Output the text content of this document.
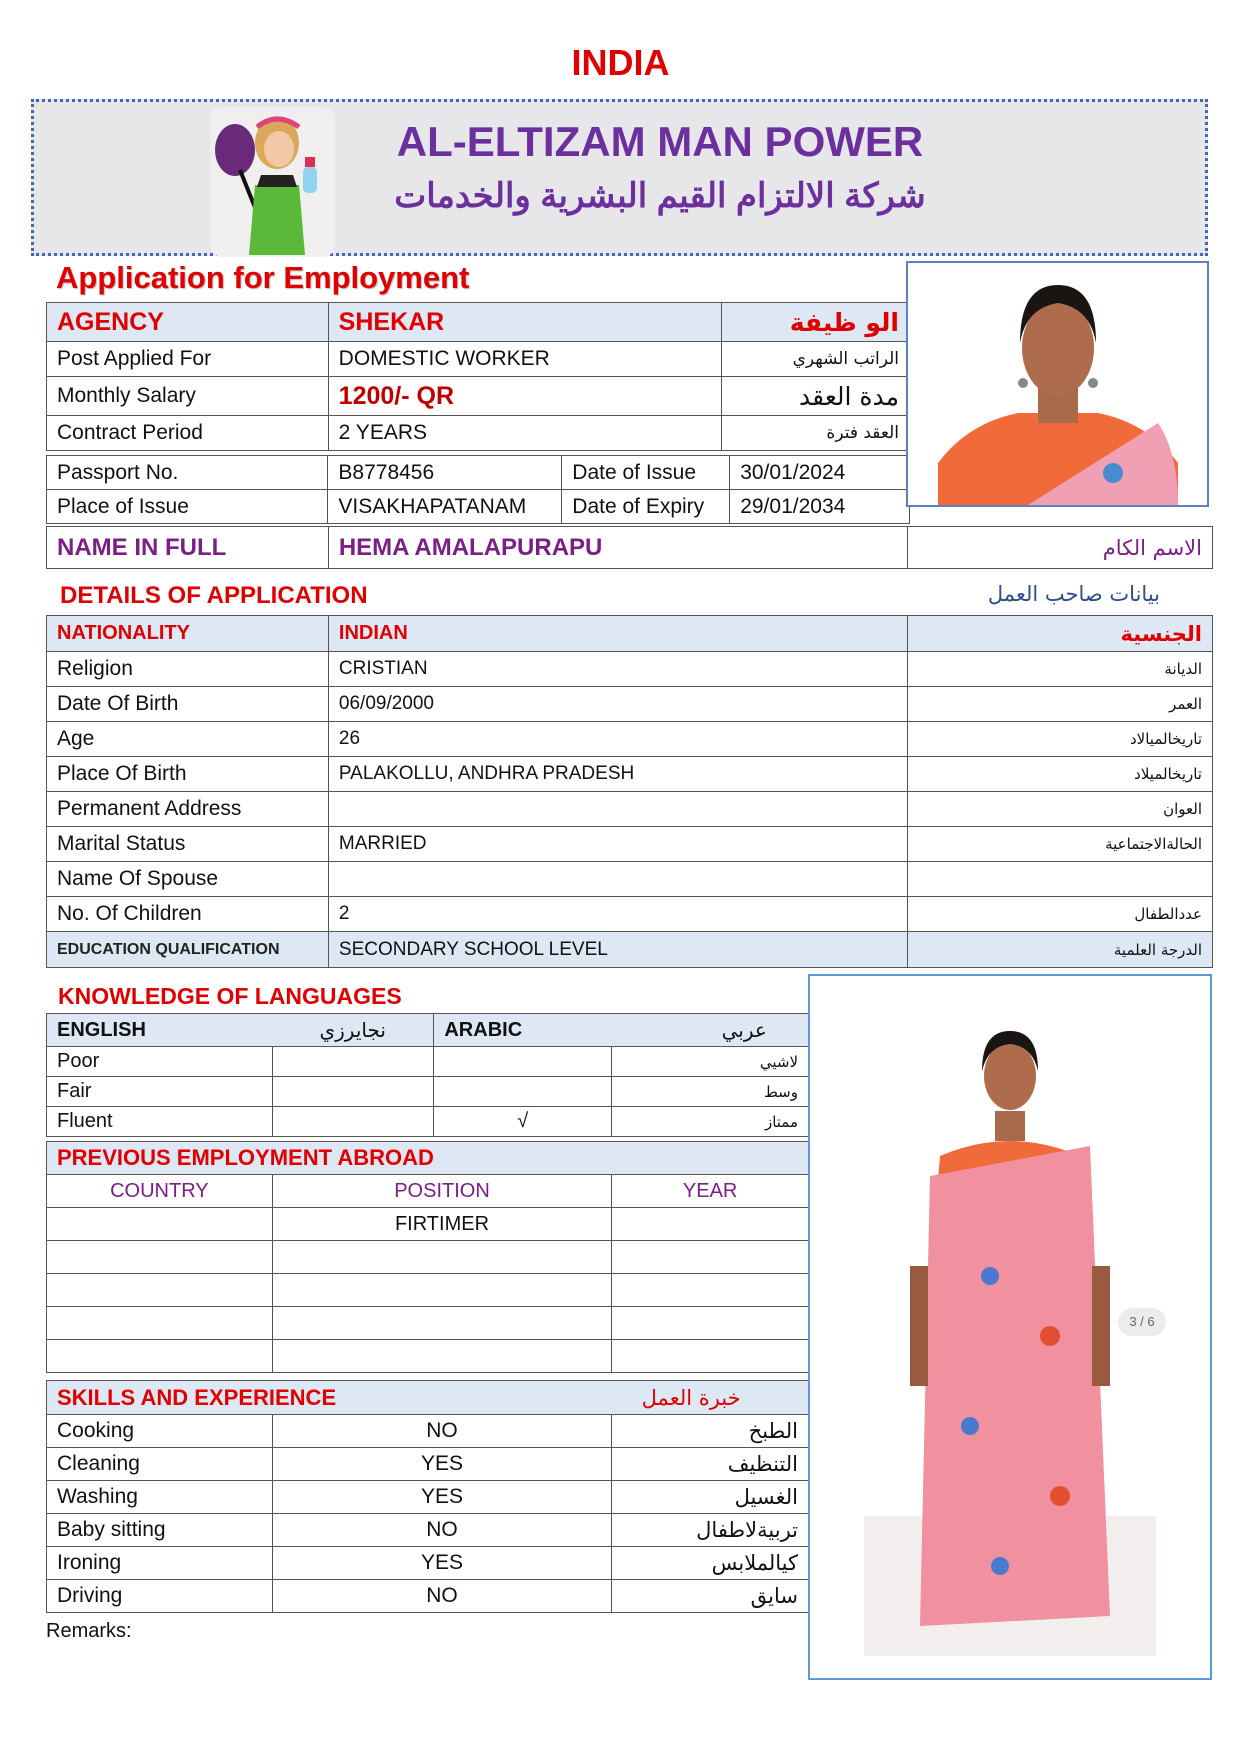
INDIA
AL-ELTIZAM MAN POWER
شركة الالتزام القيم البشرية والخدمات
Application for Employment
AGENCY	SHEKAR	الو ظيفة
Post Applied For	DOMESTIC WORKER	الراتب الشهري
Monthly Salary	1200/- QR	مدة العقد
Contract Period	2 YEARS	العقد فترة
Passport No.	B8778456	Date of Issue	30/01/2024
Place of Issue	VISAKHAPATANAM	Date of Expiry	29/01/2034
NAME IN FULL	HEMA AMALAPURAPU	الاسم الكام
DETAILS OF APPLICATION	بيانات صاحب العمل
NATIONALITY	INDIAN	الجنسية
Religion	CRISTIAN	الديانة
Date Of Birth	06/09/2000	العمر
Age	26	تاريخالميالاد
Place Of Birth	PALAKOLLU, ANDHRA PRADESH	تاريخالميلاد
Permanent Address		العوان
Marital Status	MARRIED	الحالةالاجتماعية
Name Of Spouse		
No. Of Children	2	عددالطفال
EDUCATION QUALIFICATION	SECONDARY SCHOOL LEVEL	الدرجة العلمية
KNOWLEDGE OF LANGUAGES
ENGLISH	نجايرزي	ARABIC	عربي
Poor			لاشيي
Fair			وسط
Fluent		√	ممتاز
PREVIOUS EMPLOYMENT ABROAD		
COUNTRY	POSITION	YEAR
	FIRTIMER	

SKILLS AND EXPERIENCE		خبرة العمل
Cooking	NO	الطبخ
Cleaning	YES	التنظيف
Washing	YES	الغسيل
Baby sitting	NO	تربيةلاطفال
Ironing	YES	كيالملابس
Driving	NO	سايق
Remarks:
3 / 6
